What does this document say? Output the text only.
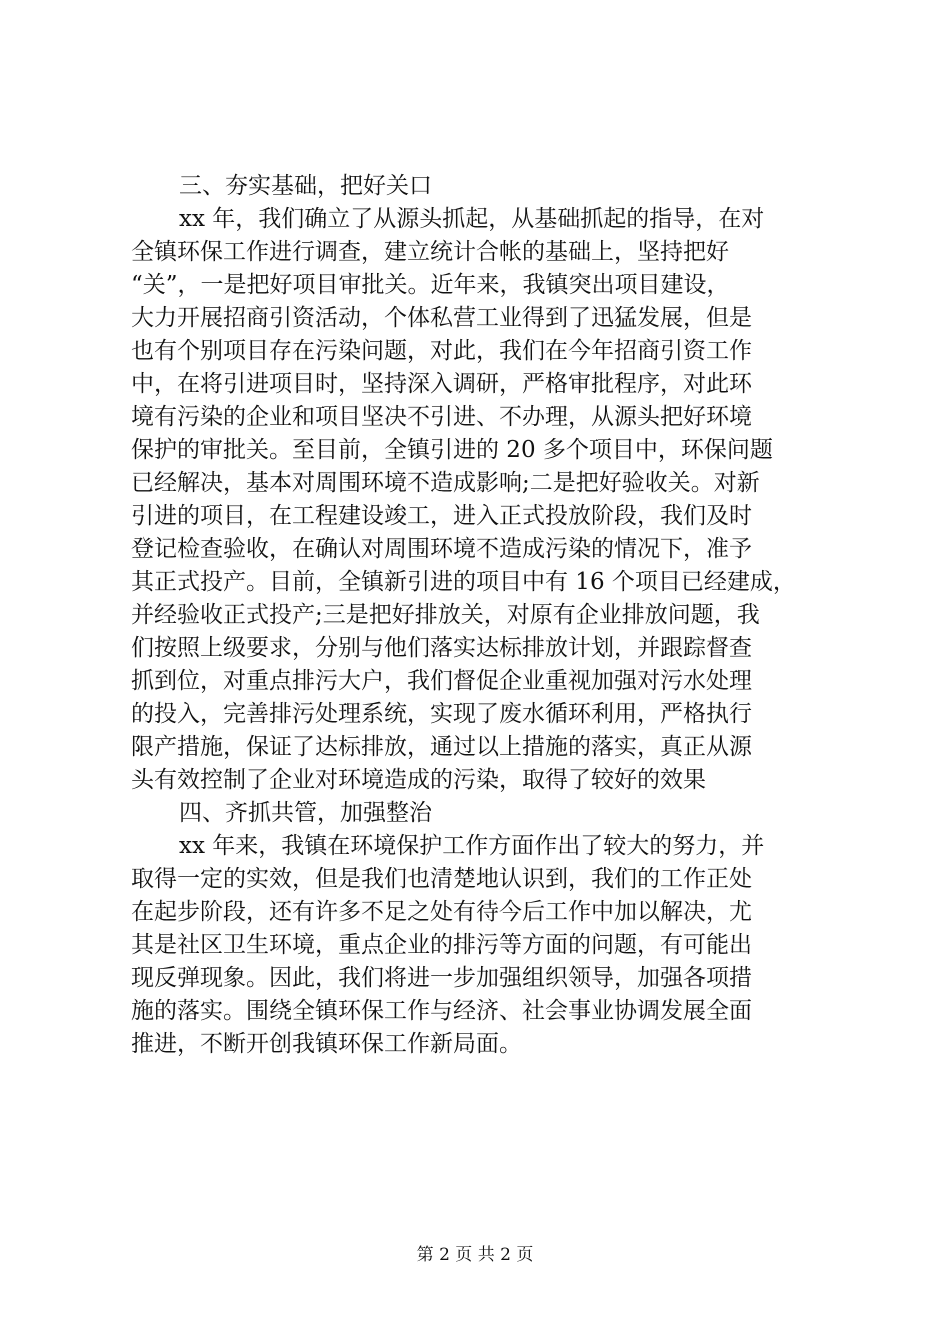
三、夯实基础，把好关口
xx 年，我们确立了从源头抓起，从基础抓起的指导，在对
全镇环保工作进行调查，建立统计合帐的基础上，坚持把好
“关”，一是把好项目审批关。近年来，我镇突出项目建设，
大力开展招商引资活动，个体私营工业得到了迅猛发展，但是
也有个别项目存在污染问题，对此，我们在今年招商引资工作
中，在将引进项目时，坚持深入调研，严格审批程序，对此环
境有污染的企业和项目坚决不引进、不办理，从源头把好环境
保护的审批关。至目前，全镇引进的 20 多个项目中，环保问题
已经解决，基本对周围环境不造成影响;二是把好验收关。对新
引进的项目，在工程建设竣工，进入正式投放阶段，我们及时
登记检查验收，在确认对周围环境不造成污染的情况下，准予
其正式投产。目前，全镇新引进的项目中有 16 个项目已经建成，
并经验收正式投产;三是把好排放关，对原有企业排放问题，我
们按照上级要求，分别与他们落实达标排放计划，并跟踪督查
抓到位，对重点排污大户，我们督促企业重视加强对污水处理
的投入，完善排污处理系统，实现了废水循环利用，严格执行
限产措施，保证了达标排放，通过以上措施的落实，真正从源
头有效控制了企业对环境造成的污染，取得了较好的效果
四、齐抓共管，加强整治
xx 年来，我镇在环境保护工作方面作出了较大的努力，并
取得一定的实效，但是我们也清楚地认识到，我们的工作正处
在起步阶段，还有许多不足之处有待今后工作中加以解决，尤
其是社区卫生环境，重点企业的排污等方面的问题，有可能出
现反弹现象。因此，我们将进一步加强组织领导，加强各项措
施的落实。围绕全镇环保工作与经济、社会事业协调发展全面
推进，不断开创我镇环保工作新局面。
第 2 页 共 2 页
